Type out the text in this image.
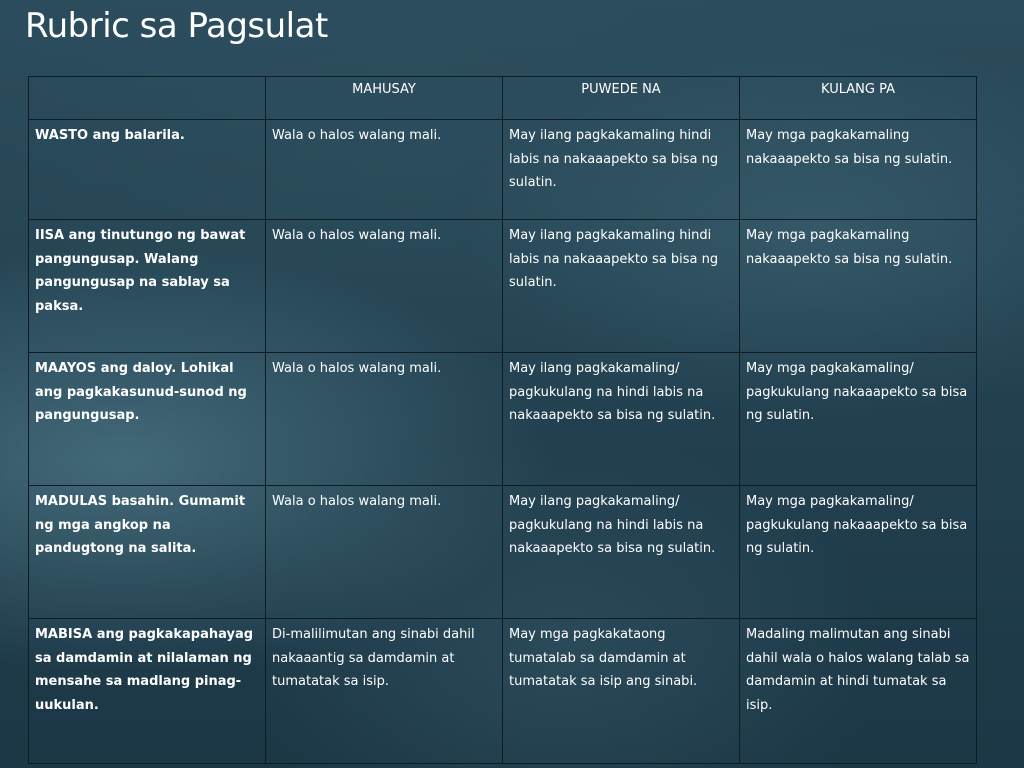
Rubric sa Pagsulat
	MAHUSAY	PUWEDE NA	KULANG PA
WASTO ang balarila.	Wala o halos walang mali.	May ilang pagkakamaling hindi labis na nakaaapekto sa bisa ng sulatin.	May mga pagkakamaling nakaaapekto sa bisa ng sulatin.
IISA ang tinutungo ng bawat pangungusap. Walang pangungusap na sablay sa paksa.	Wala o halos walang mali.	May ilang pagkakamaling hindi labis na nakaaapekto sa bisa ng sulatin.	May mga pagkakamaling nakaaapekto sa bisa ng sulatin.
MAAYOS ang daloy. Lohikal ang pagkakasunud-sunod ng pangungusap.	Wala o halos walang mali.	May ilang pagkakamaling/ pagkukulang na hindi labis na nakaaapekto sa bisa ng sulatin.	May mga pagkakamaling/ pagkukulang nakaaapekto sa bisa ng sulatin.
MADULAS basahin. Gumamit ng mga angkop na pandugtong na salita.	Wala o halos walang mali.	May ilang pagkakamaling/ pagkukulang na hindi labis na nakaaapekto sa bisa ng sulatin.	May mga pagkakamaling/ pagkukulang nakaaapekto sa bisa ng sulatin.
MABISA ang pagkakapahayag sa damdamin at nilalaman ng mensahe sa madlang pinag-uukulan.	Di-malilimutan ang sinabi dahil nakaaantig sa damdamin at tumatatak sa isip.	May mga pagkakataong tumatalab sa damdamin at tumatatak sa isip ang sinabi.	Madaling malimutan ang sinabi dahil wala o halos walang talab sa damdamin at hindi tumatak sa isip.
